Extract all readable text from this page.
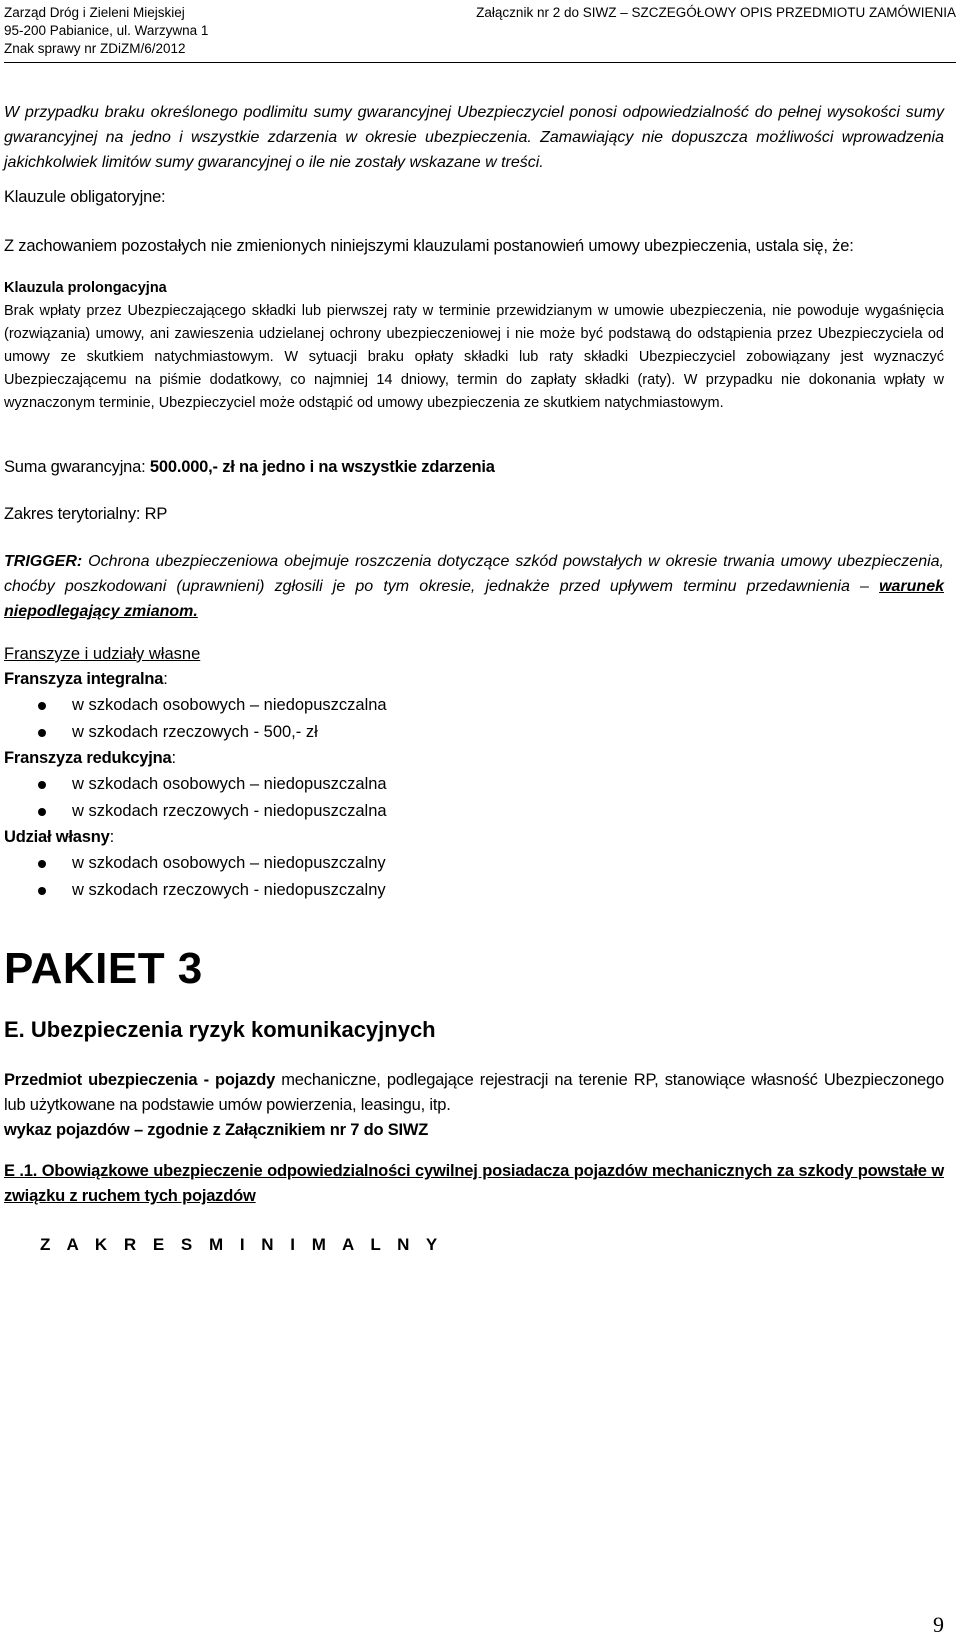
Zarząd Dróg i Zieleni Miejskiej
95-200 Pabianice, ul. Warzywna 1
Znak sprawy nr ZDiZM/6/2012
Załącznik nr 2 do SIWZ – SZCZEGÓŁOWY OPIS PRZEDMIOTU ZAMÓWIENIA

W przypadku braku określonego podlimitu sumy gwarancyjnej Ubezpieczyciel ponosi odpowiedzialność do pełnej wysokości sumy gwarancyjnej na jedno i wszystkie zdarzenia w okresie ubezpieczenia. Zamawiający nie dopuszcza możliwości wprowadzenia jakichkolwiek limitów sumy gwarancyjnej o ile nie zostały wskazane w treści.

Klauzule obligatoryjne:

Z zachowaniem pozostałych nie zmienionych niniejszymi klauzulami postanowień umowy ubezpieczenia, ustala się, że:

Klauzula prolongacyjna

Brak wpłaty przez Ubezpieczającego składki lub pierwszej raty w terminie przewidzianym w umowie ubezpieczenia, nie powoduje wygaśnięcia (rozwiązania) umowy, ani zawieszenia udzielanej ochrony ubezpieczeniowej i nie może być podstawą do odstąpienia przez Ubezpieczyciela od umowy ze skutkiem natychmiastowym. W sytuacji braku opłaty składki lub raty składki Ubezpieczyciel zobowiązany jest wyznaczyć Ubezpieczającemu na piśmie dodatkowy, co najmniej 14 dniowy, termin do zapłaty składki (raty). W przypadku nie dokonania wpłaty w wyznaczonym terminie, Ubezpieczyciel może odstąpić od umowy ubezpieczenia ze skutkiem natychmiastowym.

Suma gwarancyjna: 500.000,- zł na jedno i na wszystkie zdarzenia

Zakres terytorialny: RP

TRIGGER: Ochrona ubezpieczeniowa obejmuje roszczenia dotyczące szkód powstałych w okresie trwania umowy ubezpieczenia, choćby poszkodowani (uprawnieni) zgłosili je po tym okresie, jednakże przed upływem terminu przedawnienia – warunek niepodlegający zmianom.

Franszyze i udziały własne

Franszyza integralna:

w szkodach osobowych – niedopuszczalna
w szkodach rzeczowych - 500,- zł

Franszyza redukcyjna:

w szkodach osobowych – niedopuszczalna
w szkodach rzeczowych - niedopuszczalna

Udział własny:

w szkodach osobowych – niedopuszczalny
w szkodach rzeczowych - niedopuszczalny

PAKIET 3

E. Ubezpieczenia ryzyk komunikacyjnych

Przedmiot ubezpieczenia - pojazdy mechaniczne, podlegające rejestracji na terenie RP, stanowiące własność Ubezpieczonego lub użytkowane na podstawie umów powierzenia, leasingu, itp.

wykaz pojazdów – zgodnie z Załącznikiem nr 7 do SIWZ

E .1. Obowiązkowe ubezpieczenie odpowiedzialności cywilnej posiadacza pojazdów mechanicznych za szkody powstałe w związku z ruchem tych pojazdów

Z A K R E S M I N I M A L N Y

9
